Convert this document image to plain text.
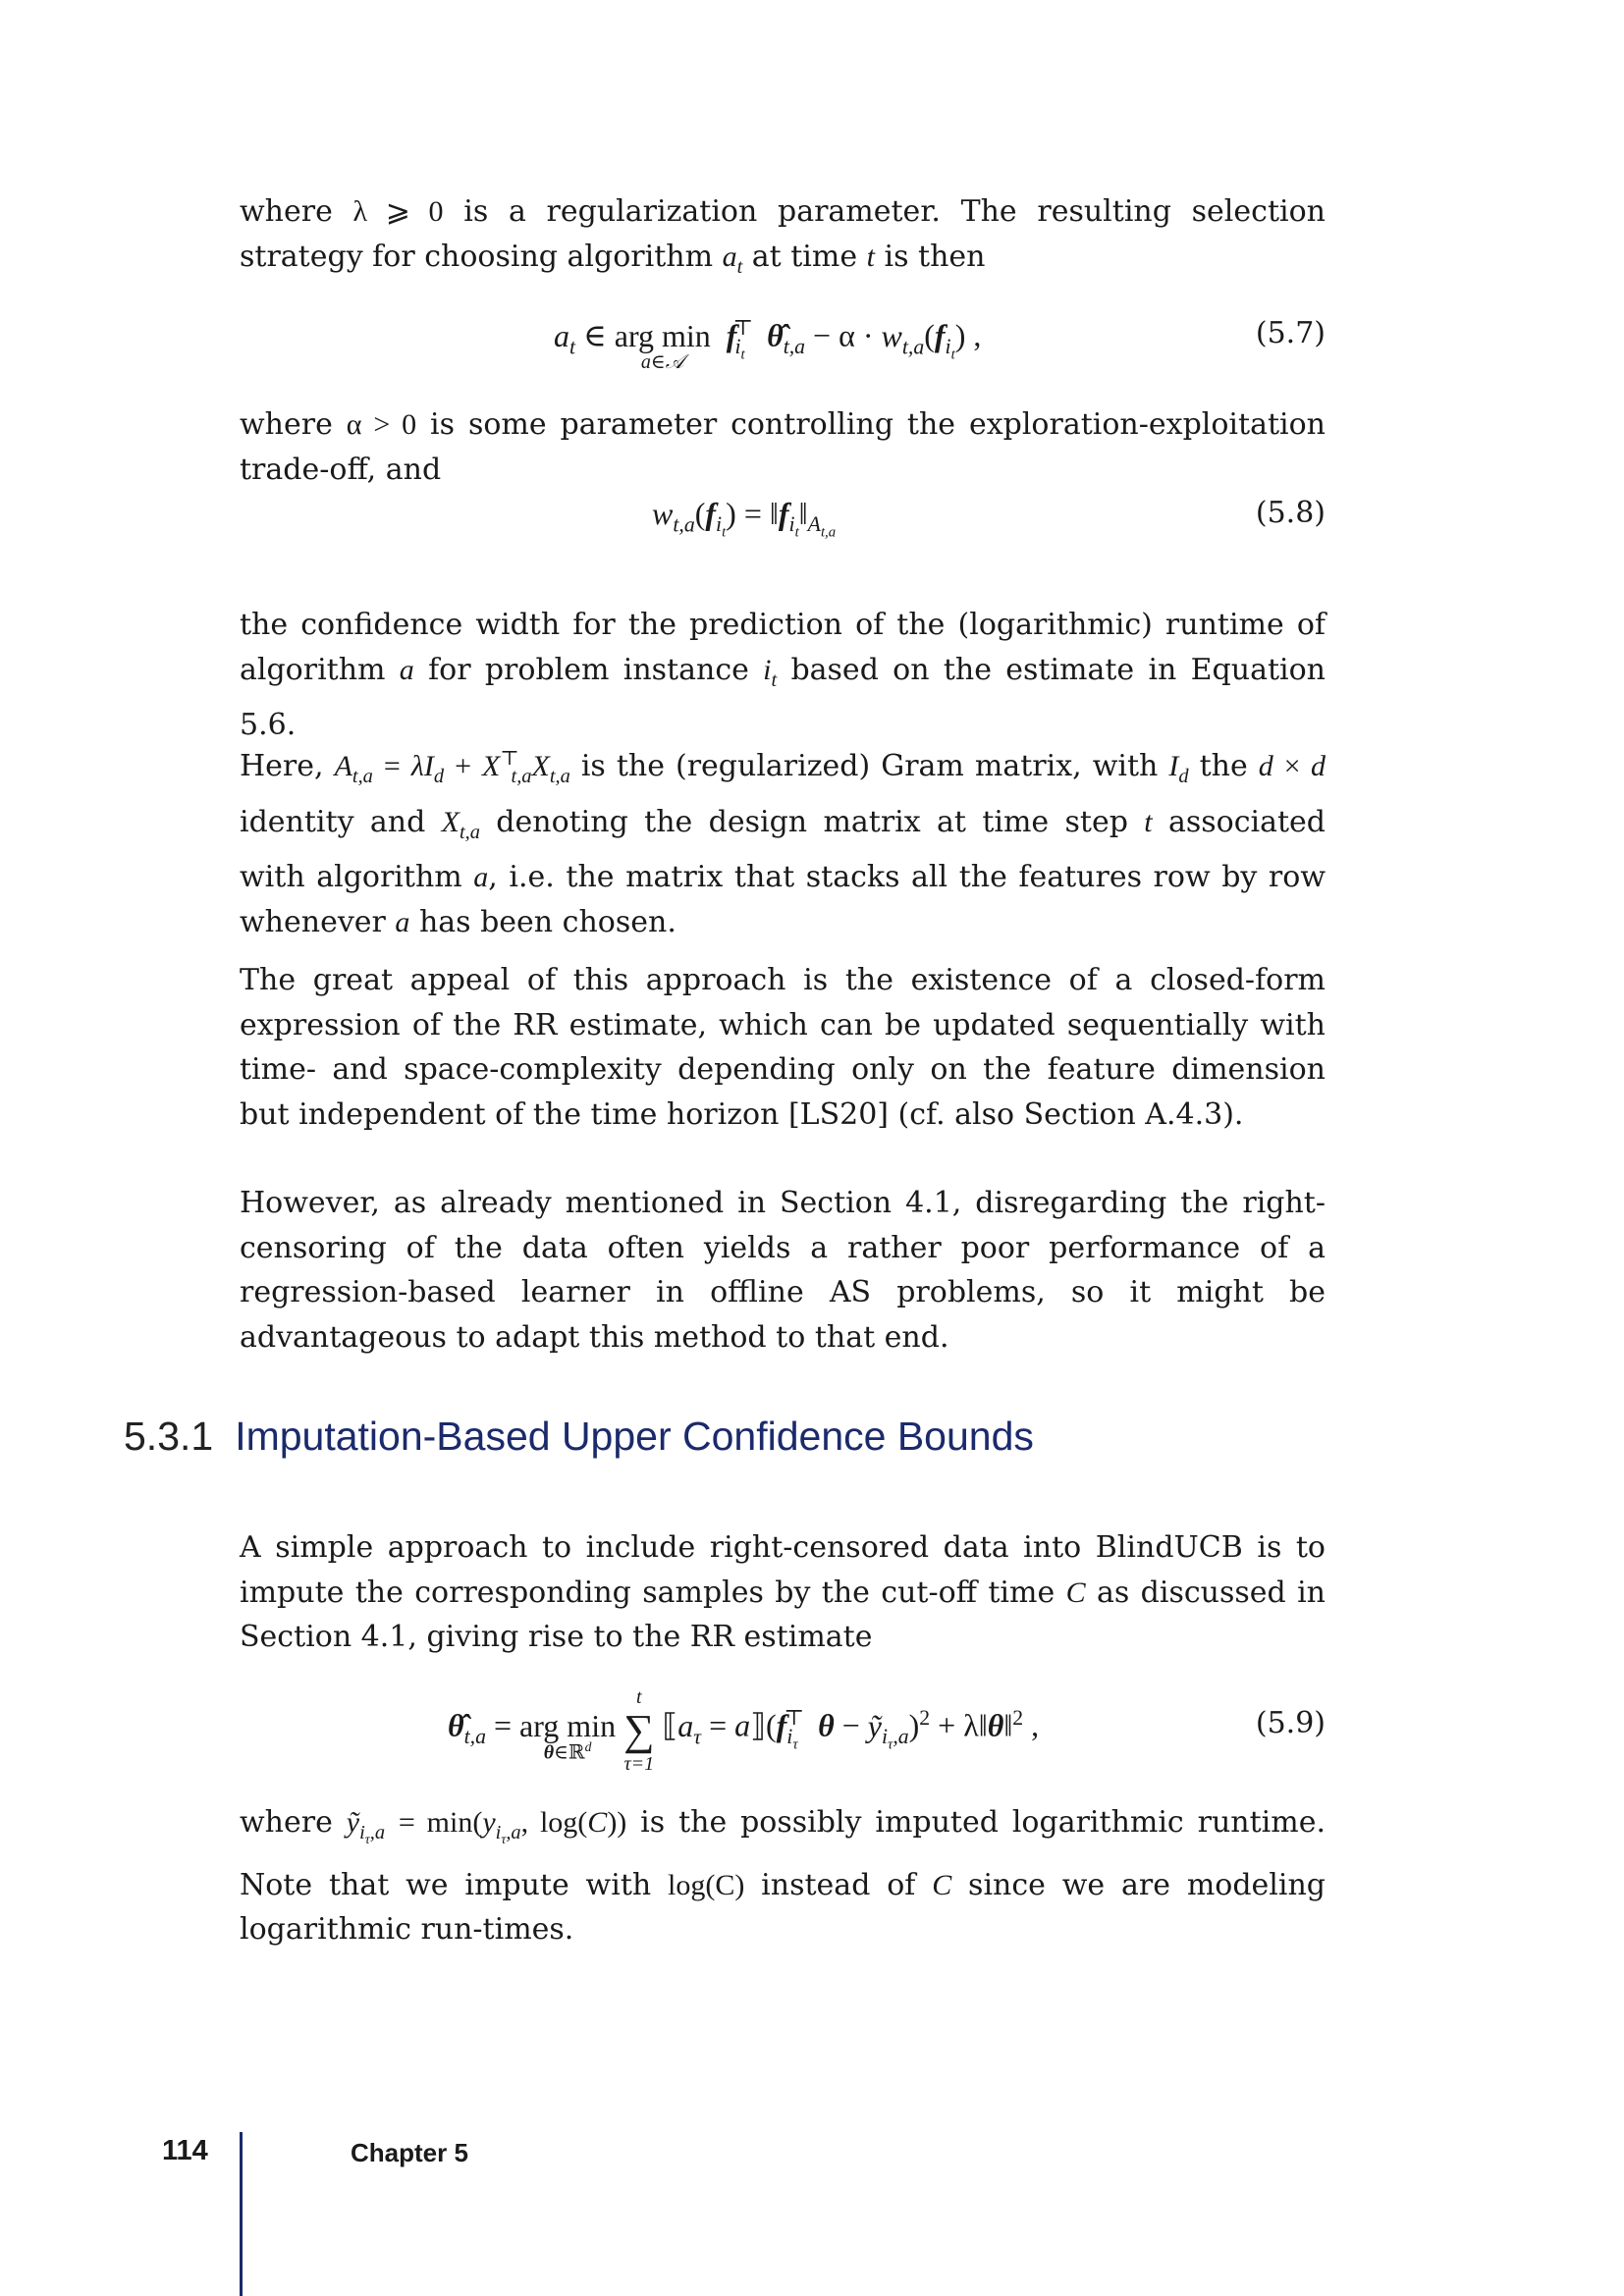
where λ ⩾ 0 is a regularization parameter. The resulting selection strategy for choosing algorithm $a_t$ at time t is then

$a_t$ ∈ arg min
a∈𝒜
$f_{i_t}^⊤$ $\thetâ_{t,a} - \alpha \cdot w_{t,a}(f_{i_t})$ ,	(5.7)

where α > 0 is some parameter controlling the exploration-exploitation trade-off, and

$w_{t,a}(f_{i_t})$ = $‖f_{i_t}‖_{A_{t,a}}$
(5.8)

the confidence width for the prediction of the (logarithmic) runtime of algorithm a for problem instance $i_t$ based on the estimate in Equation 5.6.

Here, $A_{t,a} = \lambda I_d + X^⊤_{t,a}X_{t,a}$ is the (regularized) Gram matrix, with $I_d$ the d × d identity and $X_{t,a}$ denoting the design matrix at time step t associated with algorithm a, i.e. the matrix that stacks all the features row by row whenever a has been chosen.

The great appeal of this approach is the existence of a closed-form expression of the RR estimate, which can be updated sequentially with time- and space-complexity depending only on the feature dimension but independent of the time horizon [LS20] (cf. also Section A.4.3).

However, as already mentioned in Section 4.1, disregarding the right-censoring of the data often yields a rather poor performance of a regression-based learner in offline AS problems, so it might be advantageous to adapt this method to that end.

5.3.1 Imputation-Based Upper Confidence Bounds

A simple approach to include right-censored data into BlindUCB is to impute the corresponding samples by the cut-off time C as discussed in Section 4.1, giving rise to the RR estimate

$\thetâ_{t,a}$ = arg min
θ∈ℝ$^d$ ∑
t
τ=1
$⟦a_\tau$ = $a⟧(f_{i_\tau}^⊤$ θ − ỹ$_{i_\tau,a}$)$^2$ + λ‖θ‖$^2$ ,	(5.9)

where ỹ$_{i_\tau,a}$ = $\min(y_{i_\tau,a}$, log(C)) is the possibly imputed logarithmic runtime. Note that we impute with log(C) instead of C since we are modeling logarithmic run-times.

114	Chapter 5
